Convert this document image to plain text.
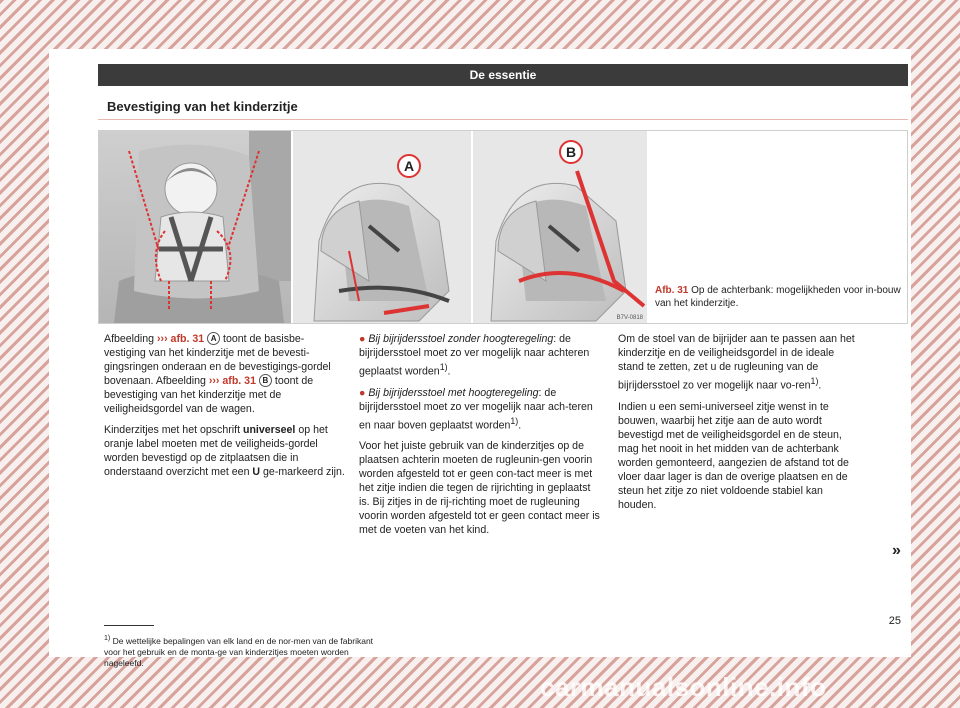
De essentie
Bevestiging van het kinderzitje
A
B
B7V-0818
Afb. 31 Op de achterbank: mogelijkheden voor in-bouw van het kinderzitje.

Afbeelding ››› afb. 31 A toont de basisbe-vestiging van het kinderzitje met de bevesti-gingsringen onderaan en de bevestigings-gordel bovenaan. Afbeelding ››› afb. 31 B toont de bevestiging van het kinderzitje met de veiligheidsgordel van de wagen.

Kinderzitjes met het opschrift universeel op het oranje label moeten met de veiligheids-gordel worden bevestigd op de zitplaatsen die in onderstaand overzicht met een U ge-markeerd zijn.

● Bij bijrijdersstoel zonder hoogteregeling: de bijrijdersstoel moet zo ver mogelijk naar achteren geplaatst worden$^{1)}$.

● Bij bijrijdersstoel met hoogteregeling: de bijrijdersstoel moet zo ver mogelijk naar ach-teren en naar boven geplaatst worden$^{1)}$.

Voor het juiste gebruik van de kinderzitjes op de plaatsen achterin moeten de rugleunin-gen voorin worden afgesteld tot er geen con-tact meer is met het zitje indien die tegen de rijrichting in geplaatst is. Bij zitjes in de rij-richting moet de rugleuning voorin worden afgesteld tot er geen contact meer is met de voeten van het kind.

Om de stoel van de bijrijder aan te passen aan het kinderzitje en de veiligheidsgordel in de ideale stand te zetten, zet u de rugleuning van de bijrijdersstoel zo ver mogelijk naar vo-ren$^{1)}$.

Indien u een semi-universeel zitje wenst in te bouwen, waarbij het zitje aan de auto wordt bevestigd met de veiligheidsgordel en de steun, mag het nooit in het midden van de achterbank worden gemonteerd, aangezien de afstand tot de vloer daar lager is dan de overige plaatsen en de steun het zitje zo niet voldoende stabiel kan houden.

»
$^{1)}$ De wettelijke bepalingen van elk land en de nor-men van de fabrikant voor het gebruik en de monta-ge van kinderzitjes moeten worden nageleefd.
25
carmanualsonline.info
